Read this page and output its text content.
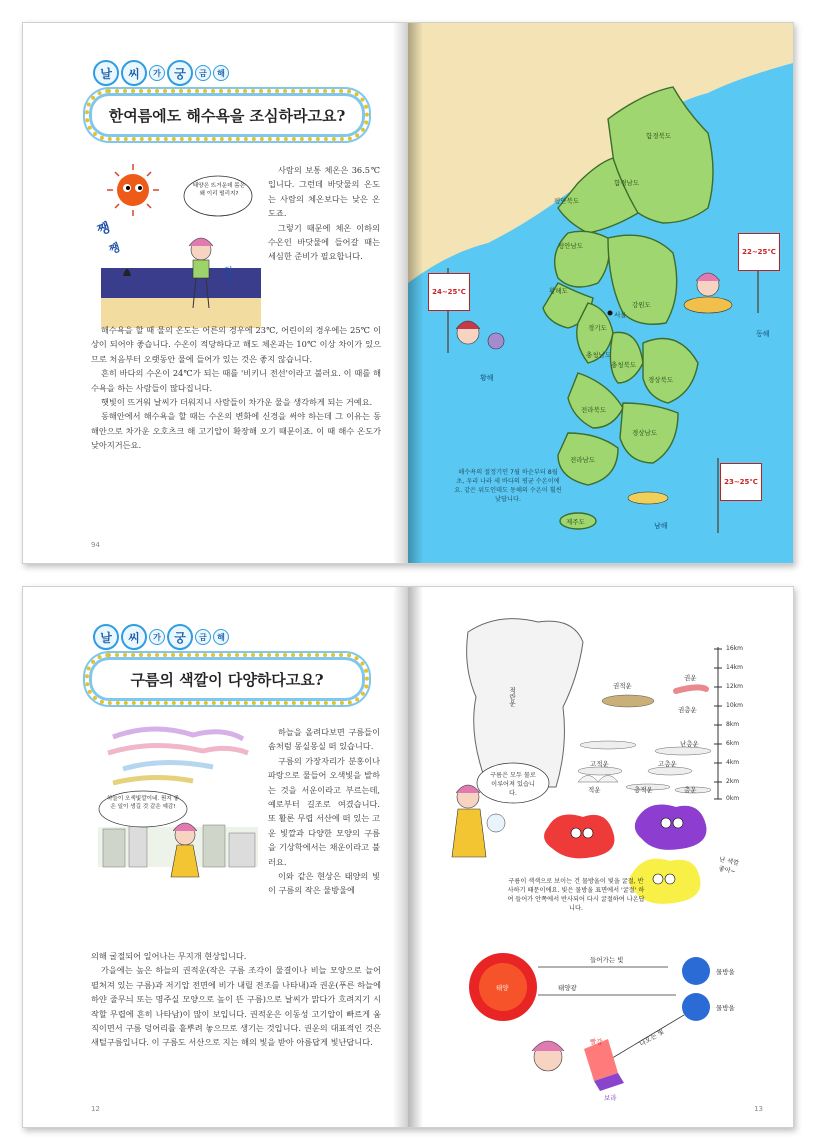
날	씨	가	궁	금	해
한여름에도 해수욕을 조심하라고요?
쨍
쨍
태양은 뜨거운데 몸은 왜 이리 떨리지?
덜덜

사람의 보통 체온은 36.5℃입니다. 그런데 바닷물의 온도는 사람의 체온보다는 낮은 온도죠.

그렇기 때문에 체온 이하의 수온인 바닷물에 들어갈 때는 세심한 준비가 필요합니다.

해수욕을 할 때 물의 온도는 어른의 경우에 23℃, 어린이의 경우에는 25℃ 이상이 되어야 좋습니다. 수온이 적당하다고 해도 체온과는 10℃ 이상 차이가 있으므로 처음부터 오랫동안 물에 들어가 있는 것은 좋지 않습니다.

흔히 바다의 수온이 24℃가 되는 때를 '비키니 전선'이라고 불러요. 이 때를 해수욕을 하는 사람들이 많다집니다.

햇빛이 뜨거워 날씨가 더워지니 사람들이 차가운 물을 생각하게 되는 거예요.

동해안에서 해수욕을 할 때는 수온의 변화에 신경을 써야 하는데 그 이유는 동해안으로 차가운 오호츠크 해 고기압이 확장해 오기 때문이죠. 이 때 해수 온도가 낮아지거든요.

94
함경북도
함경남도
평안북도
평안남도
황해도
강원도
서울
경기도
충청남도
충청북도
경상북도
전라북도
경상남도
전라남도
제주도
24~25℃
22~25℃
23~25℃
황해
동해
남해
해수욕의 절정기인 7월 하순부터 8월 초, 우리 나라 세 바다의 평균 수온이에요. 같은 위도인데도 동해의 수온이 훨씬 낮답니다.
날	씨	가	궁	금	해
구름의 색깔이 다양하다고요?
하늘이 오색빛깔이네. 뭔지 좋은 일이 생길 것 같은 예감!

하늘을 올려다보면 구름들이 솜처럼 몽실몽실 떠 있습니다.

구름의 가장자리가 분홍이나 파랑으로 물들어 오색빛을 발하는 것을 서운이라고 부르는데, 예로부터 길조로 여겼습니다. 또 활론 무렵 서산에 떠 있는 고운 빛깔과 다양한 모양의 구름을 기상학에서는 채운이라고 불러요.

이와 같은 현상은 태양의 빛이 구름의 작은 물방울에

의해 굴절되어 일어나는 무지개 현상입니다.

가을에는 높은 하늘의 권적운(작은 구름 조각이 물결이나 비늘 모양으로 늘어 펼쳐져 있는 구름)과 저기압 전면에 비가 내릴 전조를 나타내)과 권운(푸른 하늘에 하얀 줄무늬 또는 명주실 모양으로 높이 뜬 구름)으로 날씨가 맑다가 흐려지기 시작할 무렵에 흔히 나타남)이 많이 보입니다. 권적운은 이동성 고기압이 빠르게 움직이면서 구름 덩어리를 흩뿌려 놓으므로 생기는 것입니다. 권운의 대표적인 것은 새털구름입니다. 이 구름도 서산으로 지는 해의 빛을 받아 아름답게 빛난답니다.

12
적란운
16km
14km
12km
10km
8km
6km
4km
2km
0km
권적운
권운
권층운
난층운
고적운	고층운
적운	층적운	층운
구름은 모두 물로 이루어져 있습니다.
난 색깔 좋아~
구름이 색색으로 보이는 건 물방울이 빛을 굴절, 반사하기 때문이에요. 빛은 물방울 표면에서 '굴절' 하여 들어가 안쪽에서 반사되어 다시 굴절하여 나온답니다.
태양
들어가는 빛
태양광
물방울
물방울
나오는 빛
빨강
보라
13
